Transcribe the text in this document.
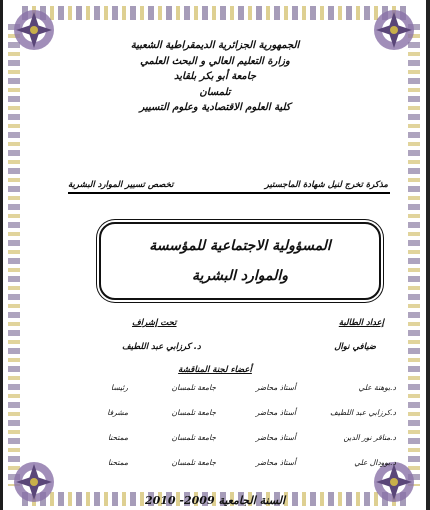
الجمهورية الجزائرية الديمقراطية الشعبية
وزارة التعليم العالي و البحث العلمي
جامعة أبو بكر بلقايد
تلمسان
كلية العلوم الاقتصادية وعلوم التسيير
مذكرة تخرج لنيل شهادة الماجستير
تخصص تسيير الموارد البشرية
المسؤولية الاجتماعية للمؤسسة
والموارد البشرية
إعداد الطالبة
تحت إشراف
ضيافي نوال
د. كرزابي عبد اللطيف
أعضاء لجنة المناقشة
د.بوهنة علي
أستاذ محاضر
جامعة تلمسان
رئيسا
د.كرزابي عبد اللطيف
أستاذ محاضر
جامعة تلمسان
مشرفا
د.مناقر نور الدين
أستاذ محاضر
جامعة تلمسان
ممتحنا
د.بوودال علي
أستاذ محاضر
جامعة تلمسان
ممتحنا
السنة الجامعية 2009- 2010
